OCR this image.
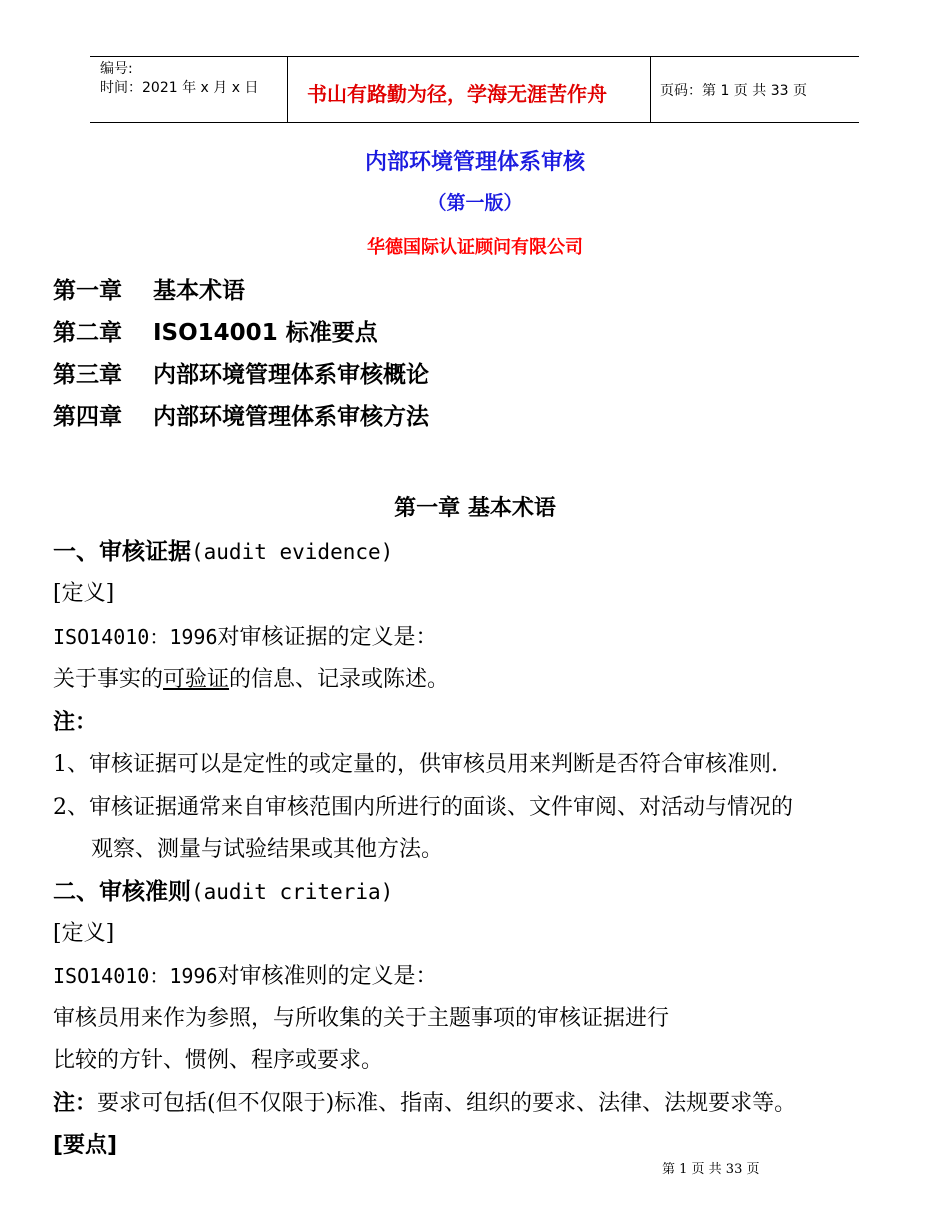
编号:
时间：2021 年 x 月 x 日 书山有路勤为径，学海无涯苦作舟	页码：第 1 页 共 33 页
内部环境管理体系审核
（第一版）
华德国际认证顾问有限公司
第一章 基本术语
第二章 ISO14001 标准要点
第三章 内部环境管理体系审核概论
第四章 内部环境管理体系审核方法
第一章 基本术语
一、审核证据(audit evidence)
[定义]
ISO14010：1996对审核证据的定义是：
关于事实的可验证的信息、记录或陈述。
注：
1、审核证据可以是定性的或定量的，供审核员用来判断是否符合审核准则.
2、审核证据通常来自审核范围内所进行的面谈、文件审阅、对活动与情况的
观察、测量与试验结果或其他方法。
二、审核准则(audit criteria)
[定义]
ISO14010：1996对审核准则的定义是：
审核员用来作为参照，与所收集的关于主题事项的审核证据进行
比较的方针、惯例、程序或要求。
注：要求可包括(但不仅限于)标准、指南、组织的要求、法律、法规要求等。
[要点]
第 1 页 共 33 页
